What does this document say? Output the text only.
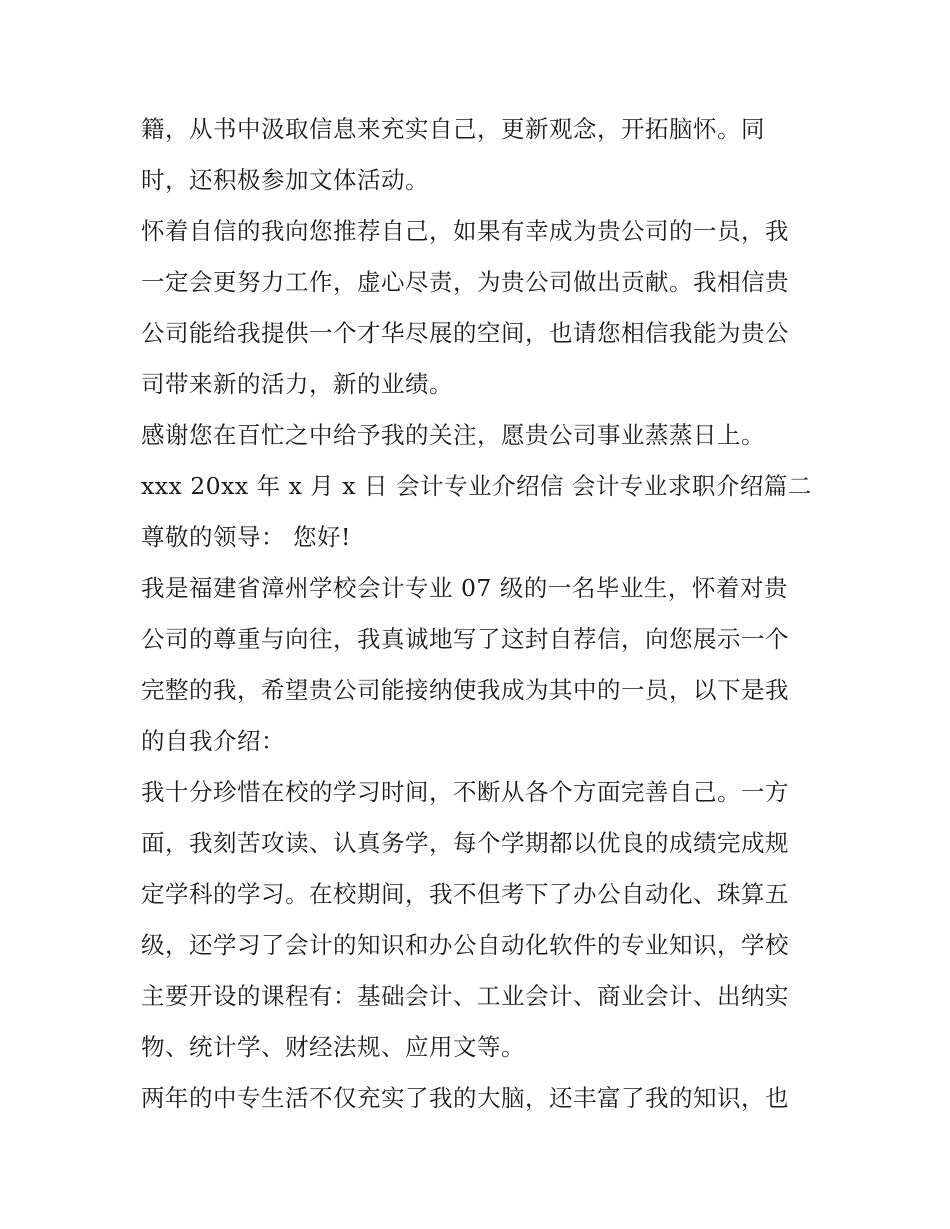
籍，从书中汲取信息来充实自己，更新观念，开拓脑怀。同
时，还积极参加文体活动。
怀着自信的我向您推荐自己，如果有幸成为贵公司的一员，我
一定会更努力工作，虚心尽责，为贵公司做出贡献。我相信贵
公司能给我提供一个才华尽展的空间，也请您相信我能为贵公
司带来新的活力，新的业绩。
感谢您在百忙之中给予我的关注，愿贵公司事业蒸蒸日上。
xxx 20xx 年 x 月 x 日 会计专业介绍信 会计专业求职介绍篇二
尊敬的领导： 您好!
我是福建省漳州学校会计专业 07 级的一名毕业生，怀着对贵
公司的尊重与向往，我真诚地写了这封自荐信，向您展示一个
完整的我，希望贵公司能接纳使我成为其中的一员，以下是我
的自我介绍：
我十分珍惜在校的学习时间，不断从各个方面完善自己。一方
面，我刻苦攻读、认真务学，每个学期都以优良的成绩完成规
定学科的学习。在校期间，我不但考下了办公自动化、珠算五
级，还学习了会计的知识和办公自动化软件的专业知识，学校
主要开设的课程有：基础会计、工业会计、商业会计、出纳实
物、统计学、财经法规、应用文等。
两年的中专生活不仅充实了我的大脑，还丰富了我的知识，也
